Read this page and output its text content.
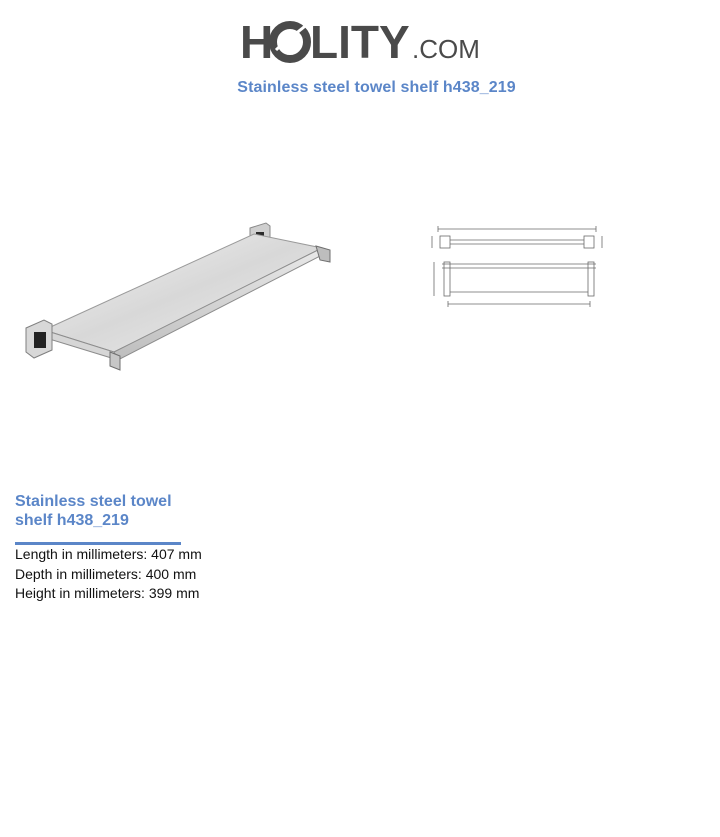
H LITY .COM
Stainless steel towel shelf h438_219
Stainless steel towel
shelf h438_219
Length in millimeters: 407 mm
Depth in millimeters: 400 mm
Height in millimeters: 399 mm
